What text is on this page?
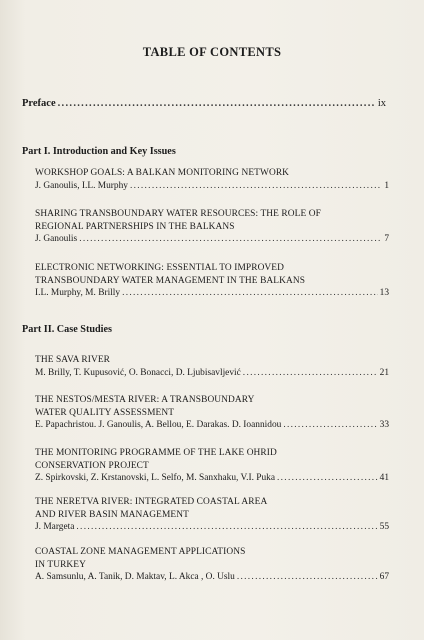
TABLE OF CONTENTS
Preface .....	ix
Part I. Introduction and Key Issues
WORKSHOP GOALS: A BALKAN MONITORING NETWORK
J. Ganoulis, I.L. Murphy .....	1
SHARING TRANSBOUNDARY WATER RESOURCES: THE ROLE OF
REGIONAL PARTNERSHIPS IN THE BALKANS
J. Ganoulis .....	7
ELECTRONIC NETWORKING: ESSENTIAL TO IMPROVED
TRANSBOUNDARY WATER MANAGEMENT IN THE BALKANS
I.L. Murphy, M. Brilly .....	13
Part II. Case Studies
THE SAVA RIVER
M. Brilly, T. Kupusović, O. Bonacci, D. Ljubisavljević .....	21
THE NESTOS/MESTA RIVER: A TRANSBOUNDARY
WATER QUALITY ASSESSMENT
E. Papachristou. J. Ganoulis, A. Bellou, E. Darakas. D. Ioannidou .....	33
THE MONITORING PROGRAMME OF THE LAKE OHRID
CONSERVATION PROJECT
Z. Spirkovski, Z. Krstanovski, L. Selfo, M. Sanxhaku, V.I. Puka .....	41
THE NERETVA RIVER: INTEGRATED COASTAL AREA
AND RIVER BASIN MANAGEMENT
J. Margeta .....	55
COASTAL ZONE MANAGEMENT APPLICATIONS
IN TURKEY
A. Samsunlu, A. Tanik, D. Maktav, L. Akca , O. Uslu .....	67
